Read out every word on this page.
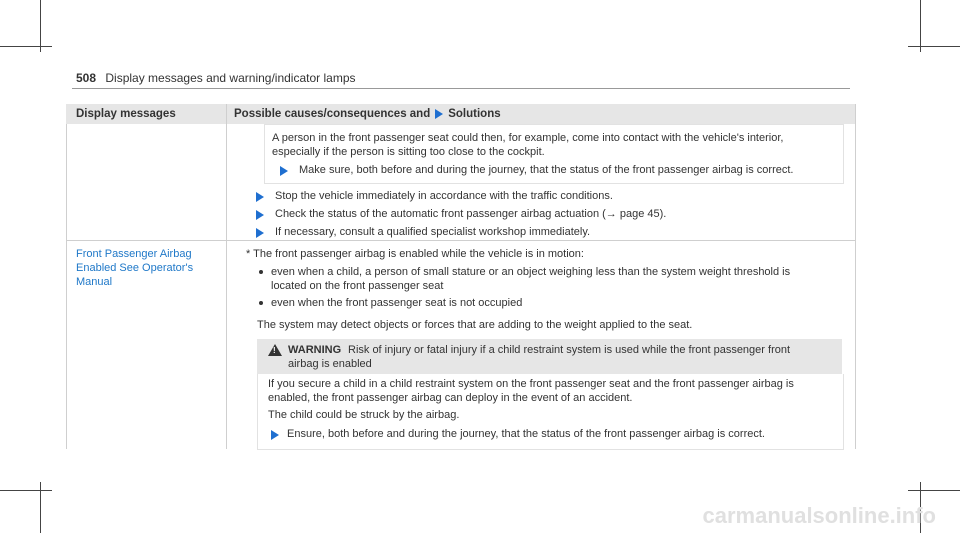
508 Display messages and warning/indicator lamps
Display messages	Possible causes/consequences and Solutions
A person in the front passenger seat could then, for example, come into contact with the vehicle's interior,
especially if the person is sitting too close to the cockpit.
Make sure, both before and during the journey, that the status of the front passenger airbag is correct.
Stop the vehicle immediately in accordance with the traffic conditions.
Check the status of the automatic front passenger airbag actuation (→ page 45).
If necessary, consult a qualified specialist workshop immediately.
Front Passenger Airbag
Enabled See Operator's
Manual
* The front passenger airbag is enabled while the vehicle is in motion:
even when a child, a person of small stature or an object weighing less than the system weight threshold is
located on the front passenger seat
even when the front passenger seat is not occupied
The system may detect objects or forces that are adding to the weight applied to the seat.
! WARNING Risk of injury or fatal injury if a child restraint system is used while the front passenger front
airbag is enabled
If you secure a child in a child restraint system on the front passenger seat and the front passenger airbag is
enabled, the front passenger airbag can deploy in the event of an accident.
The child could be struck by the airbag.
Ensure, both before and during the journey, that the status of the front passenger airbag is correct.
carmanualsonline.info
